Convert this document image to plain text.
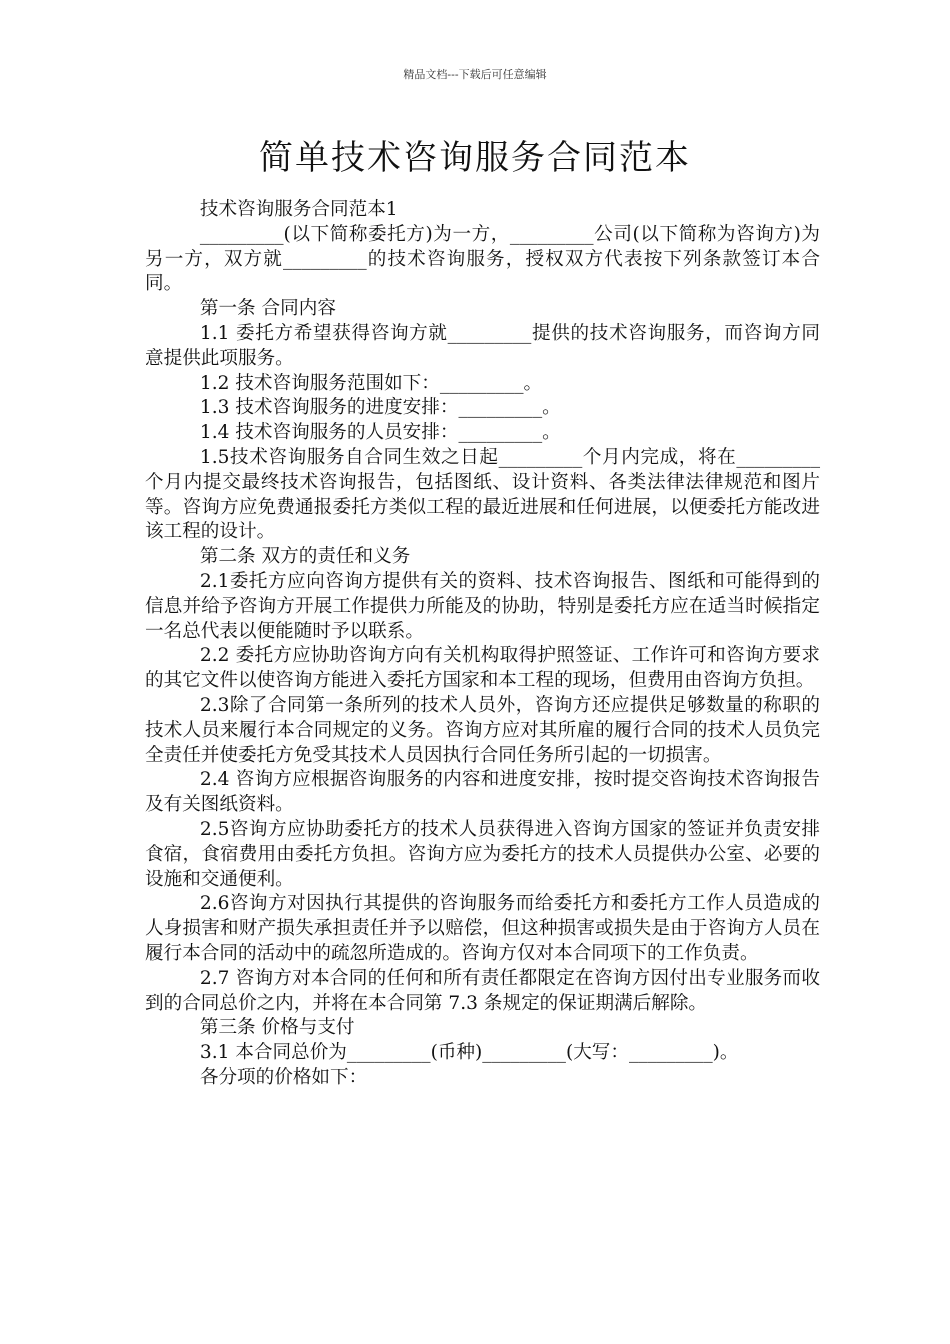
精品文档---下载后可任意编辑
简单技术咨询服务合同范本

技术咨询服务合同范本1

_________(以下简称委托方)为一方，_________公司(以下简称为咨询方)为另一方，双方就_________的技术咨询服务，授权双方代表按下列条款签订本合同。

第一条 合同内容

1.1 委托方希望获得咨询方就_________提供的技术咨询服务，而咨询方同意提供此项服务。

1.2 技术咨询服务范围如下：_________。

1.3 技术咨询服务的进度安排：_________。

1.4 技术咨询服务的人员安排：_________。

1.5技术咨询服务自合同生效之日起_________个月内完成，将在_________个月内提交最终技术咨询报告，包括图纸、设计资料、各类法律法律规范和图片等。咨询方应免费通报委托方类似工程的最近进展和任何进展，以便委托方能改进该工程的设计。

第二条 双方的责任和义务

2.1委托方应向咨询方提供有关的资料、技术咨询报告、图纸和可能得到的信息并给予咨询方开展工作提供力所能及的协助，特别是委托方应在适当时候指定一名总代表以便能随时予以联系。

2.2 委托方应协助咨询方向有关机构取得护照签证、工作许可和咨询方要求的其它文件以使咨询方能进入委托方国家和本工程的现场，但费用由咨询方负担。

2.3除了合同第一条所列的技术人员外，咨询方还应提供足够数量的称职的技术人员来履行本合同规定的义务。咨询方应对其所雇的履行合同的技术人员负完全责任并使委托方免受其技术人员因执行合同任务所引起的一切损害。

2.4 咨询方应根据咨询服务的内容和进度安排，按时提交咨询技术咨询报告及有关图纸资料。

2.5咨询方应协助委托方的技术人员获得进入咨询方国家的签证并负责安排食宿，食宿费用由委托方负担。咨询方应为委托方的技术人员提供办公室、必要的设施和交通便利。

2.6咨询方对因执行其提供的咨询服务而给委托方和委托方工作人员造成的人身损害和财产损失承担责任并予以赔偿，但这种损害或损失是由于咨询方人员在履行本合同的活动中的疏忽所造成的。咨询方仅对本合同项下的工作负责。

2.7 咨询方对本合同的任何和所有责任都限定在咨询方因付出专业服务而收到的合同总价之内，并将在本合同第 7.3 条规定的保证期满后解除。

第三条 价格与支付

3.1 本合同总价为_________(币种)_________(大写：_________)。

各分项的价格如下：
